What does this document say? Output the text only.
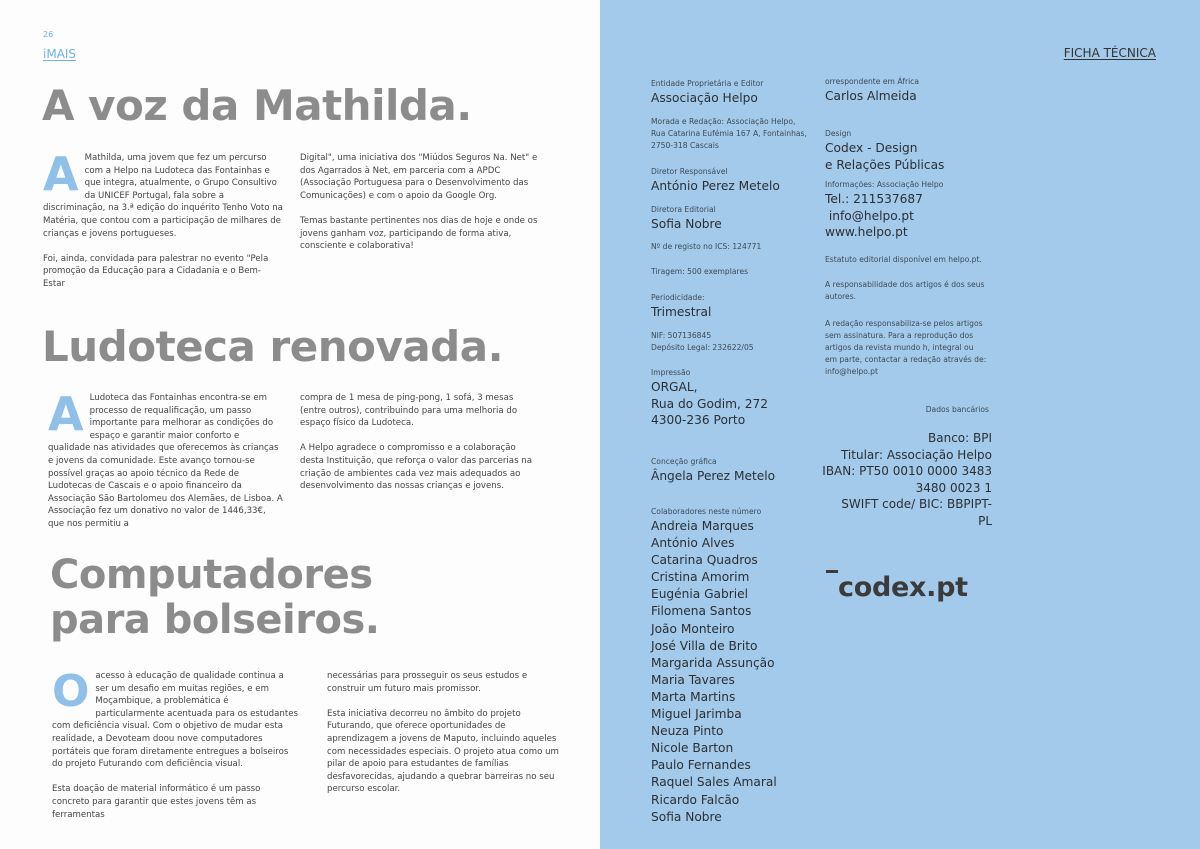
26
iMAIS
A voz da Mathilda.
A Mathilda, uma jovem que fez um percurso com a Helpo na Ludoteca das Fontainhas e que integra, atualmente, o Grupo Consultivo da UNICEF Portugal, fala sobre a discriminação, na 3.ª edição do inquérito Tenho Voto na Matéria, que contou com a participação de milhares de crianças e jovens portugueses.

Foi, ainda, convidada para palestrar no evento "Pela promoção da Educação para a Cidadania e o Bem-Estar

Digital", uma iniciativa dos "Miúdos Seguros Na. Net" e dos Agarrados à Net, em parceria com a APDC (Associação Portuguesa para o Desenvolvimento das Comunicações) e com o apoio da Google Org.

Temas bastante pertinentes nos dias de hoje e onde os jovens ganham voz, participando de forma ativa, consciente e colaborativa!

Ludoteca renovada.
A Ludoteca das Fontainhas encontra-se em processo de requalificação, um passo importante para melhorar as condições do espaço e garantir maior conforto e qualidade nas atividades que oferecemos às crianças e jovens da comunidade. Este avanço tornou-se possível graças ao apoio técnico da Rede de Ludotecas de Cascais e o apoio financeiro da Associação São Bartolomeu dos Alemães, de Lisboa. A Associação fez um donativo no valor de 1446,33€, que nos permitiu a

compra de 1 mesa de ping-pong, 1 sofá, 3 mesas (entre outros), contribuindo para uma melhoria do espaço físico da Ludoteca.

A Helpo agradece o compromisso e a colaboração desta Instituição, que reforça o valor das parcerias na criação de ambientes cada vez mais adequados ao desenvolvimento das nossas crianças e jovens.

Computadores
para bolseiros.
O acesso à educação de qualidade continua a ser um desafio em muitas regiões, e em Moçambique, a problemática é particularmente acentuada para os estudantes com deficiência visual. Com o objetivo de mudar esta realidade, a Devoteam doou nove computadores portáteis que foram diretamente entregues a bolseiros do projeto Futurando com deficiência visual.

Esta doação de material informático é um passo concreto para garantir que estes jovens têm as ferramentas

necessárias para prosseguir os seus estudos e construir um futuro mais promissor.

Esta iniciativa decorreu no âmbito do projeto Futurando, que oferece oportunidades de aprendizagem a jovens de Maputo, incluindo aqueles com necessidades especiais. O projeto atua como um pilar de apoio para estudantes de famílias desfavorecidas, ajudando a quebrar barreiras no seu percurso escolar.

FICHA TÉCNICA
Entidade Proprietária e Editor
Associação Helpo
Morada e Redação: Associação Helpo,
Rua Catarina Eufémia 167 A, Fontainhas,
2750-318 Cascais
Diretor Responsável
António Perez Metelo
Diretora Editorial
Sofia Nobre
Nº de registo no ICS: 124771
Tiragem: 500 exemplares
Periodicidade:
Trimestral
NIF: 507136845
Depósito Legal: 232622/05
Impressão
ORGAL,
Rua do Godim, 272
4300-236 Porto
Conceção gráfica
Ângela Perez Metelo
Colaboradores neste número
Andreia Marques
António Alves
Catarina Quadros
Cristina Amorim
Eugénia Gabriel
Filomena Santos
João Monteiro
José Villa de Brito
Margarida Assunção
Maria Tavares
Marta Martins
Miguel Jarimba
Neuza Pinto
Nicole Barton
Paulo Fernandes
Raquel Sales Amaral
Ricardo Falcão
Sofia Nobre
orrespondente em África
Carlos Almeida
Design
Codex - Design
e Relações Públicas
Informações: Associação Helpo
Tel.: 211537687
info@helpo.pt
www.helpo.pt
Estatuto editorial disponível em helpo.pt.
A responsabilidade dos artigos é dos seus
autores.
A redação responsabiliza-se pelos artigos
sem assinatura. Para a reprodução dos
artigos da revista mundo h, integral ou
em parte, contactar a redação através de:
info@helpo.pt
Dados bancários
Banco: BPI
Titular: Associação Helpo
IBAN: PT50 0010 0000 3483
3480 0023 1
SWIFT code/ BIC: BBPIPT-
PL
codex.pt
